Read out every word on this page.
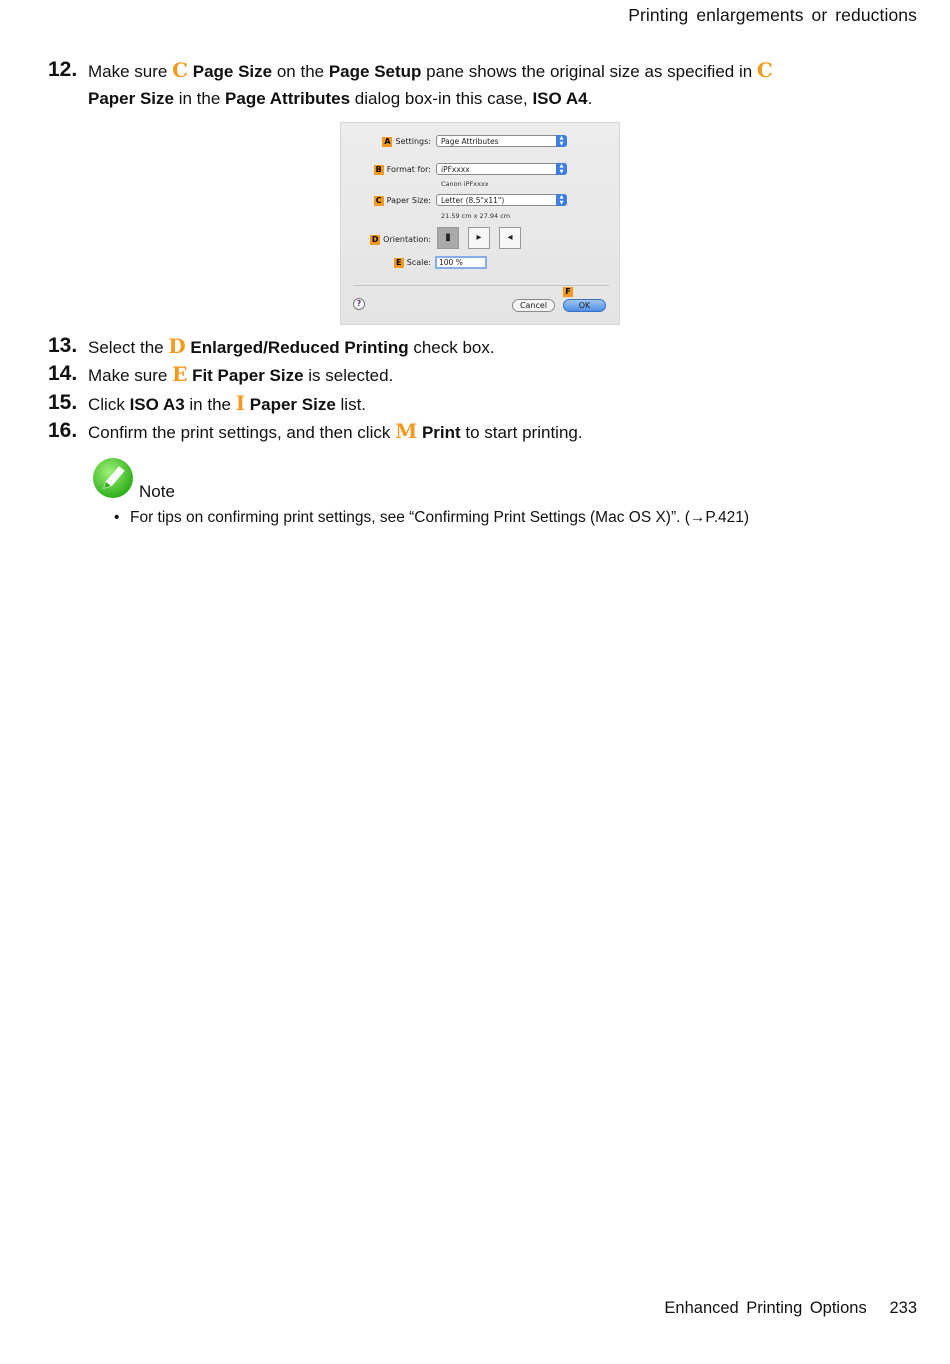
Printing enlargements or reductions
12. Make sure C Page Size on the Page Setup pane shows the original size as specified in C
Paper Size in the Page Attributes dialog box-in this case, ISO A4.
A Settings:	Page Attributes	▲
▼
B Format for:	iPFxxxx	▲
▼
Canon iPFxxxx
C Paper Size:	Letter (8.5"x11")	▲
▼
21.59 cm x 27.94 cm
D Orientation:	▮	▸	◂
E Scale:	100 %
?
F
Cancel	OK
13. Select the D Enlarged/Reduced Printing check box.
14. Make sure E Fit Paper Size is selected.
15. Click ISO A3 in the I Paper Size list.
16. Confirm the print settings, and then click M Print to start printing.
Note
• For tips on confirming print settings, see “Confirming Print Settings (Mac OS X)”. (→P.421)
Enhanced Printing Options 233
